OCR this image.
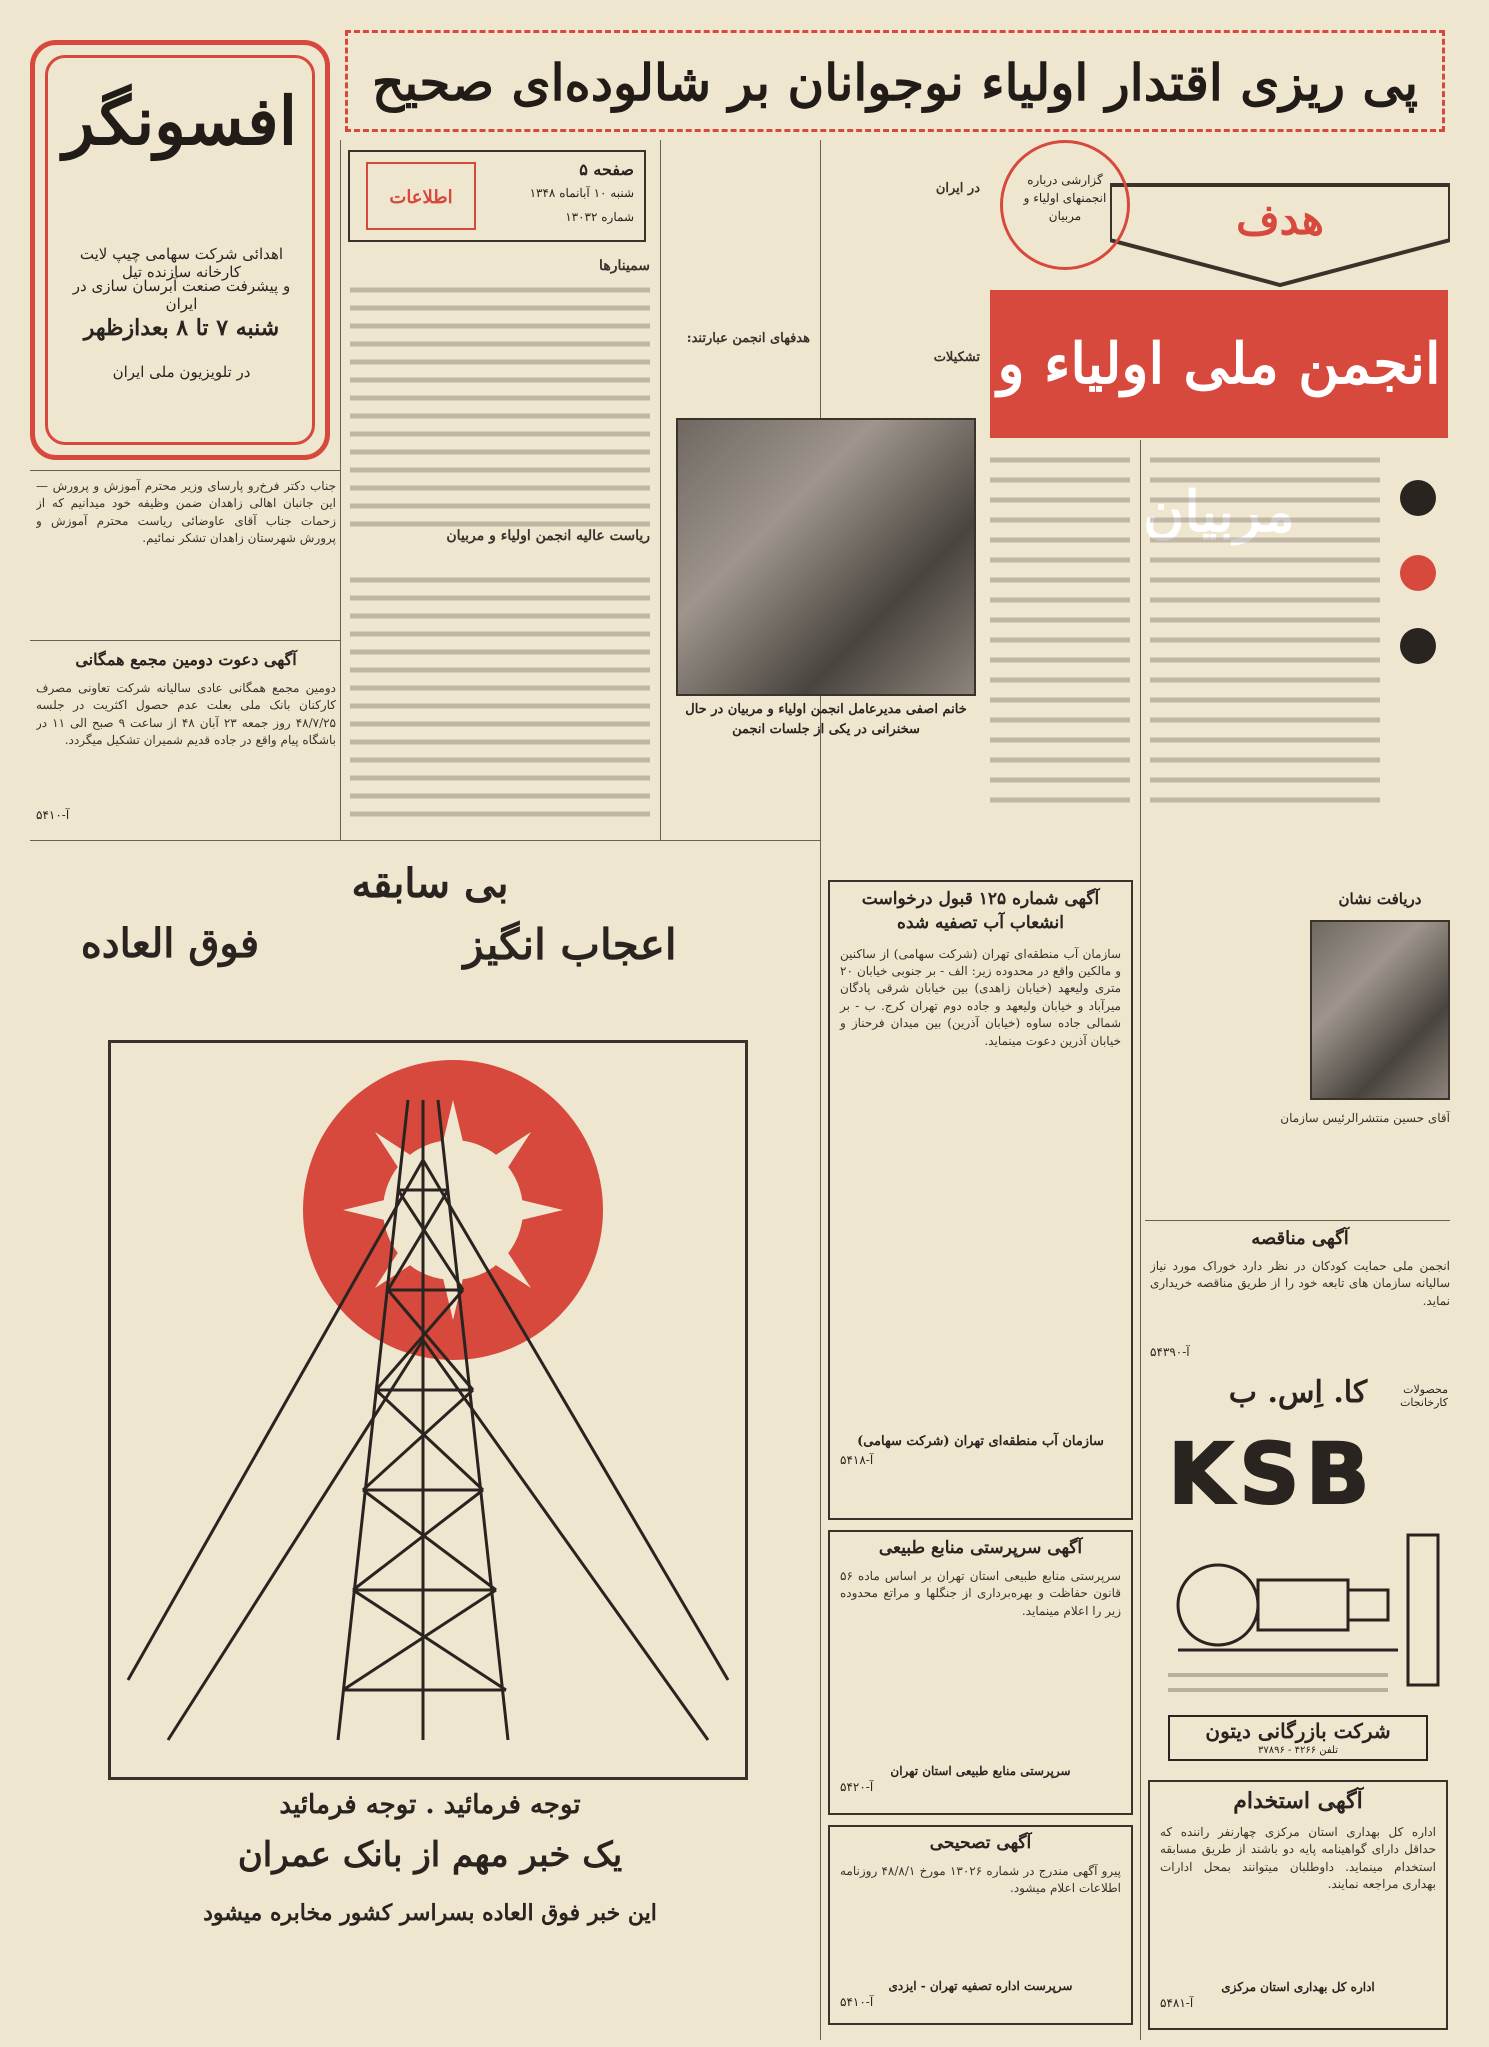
پی ریزی اقتدار اولیاء نوجوانان بر شالوده‌ای صحیح
هدف
گزارشی درباره انجمنهای اولیاء و مربیان
انجمن ملی اولیاء و مربیان
افسونگر
اهدائی شرکت سهامی چیپ لایت کارخانه سازنده تیل
و پیشرفت صنعت آبرسان سازی در ایران
شنبه ۷ تا ۸ بعدازظهر
در تلویزیون ملی ایران
صفحه ۵
شنبه ۱۰ آبانماه ۱۳۴۸
شماره ۱۳۰۳۲
اطلاعات
سمینارها
ریاست عالیه انجمن اولیاء و مربیان
هدفهای انجمن عبارتند:
در ایران
تشکیلات
خانم اصفی مدیرعامل انجمن اولیاء و مربیان در حال سخنرانی در یکی از جلسات انجمن
جناب دکتر فرخ‌رو پارسای وزیر محترم آموزش و پرورش — این جانبان اهالی زاهدان ضمن وظیفه خود میدانیم که از زحمات جناب آقای عاوضائی ریاست محترم آموزش و پرورش شهرستان زاهدان تشکر نمائیم.
آگهی دعوت دومین مجمع همگانی
دومین مجمع همگانی عادی سالیانه شرکت تعاونی مصرف کارکنان بانک ملی بعلت عدم حصول اکثریت در جلسه ۴۸/۷/۲۵ روز جمعه ۲۳ آبان ۴۸ از ساعت ۹ صبح الی ۱۱ در باشگاه پیام واقع در جاده قدیم شمیران تشکیل میگردد.
آ-۵۴۱۰
بی سابقه
فوق العاده	اعجاب انگیز
توجه فرمائید . توجه فرمائید
یک خبر مهم از بانک عمران
این خبر فوق العاده بسراسر کشور مخابره میشود
آگهی شماره ۱۲۵ قبول درخواست انشعاب آب تصفیه شده
سازمان آب منطقه‌ای تهران (شرکت سهامی) از ساکنین و مالکین واقع در محدوده زیر: الف - بر جنوبی خیابان ۲۰ متری ولیعهد (خیابان زاهدی) بین خیابان شرقی پادگان میرآباد و خیابان ولیعهد و جاده دوم تهران کرج. ب - بر شمالی جاده ساوه (خیابان آذرین) بین میدان فرحناز و خیابان آذرین دعوت مینماید.
سازمان آب منطقه‌ای تهران (شرکت سهامی)
آ-۵۴۱۸
آگهی سرپرستی منابع طبیعی
سرپرستی منابع طبیعی استان تهران بر اساس ماده ۵۶ قانون حفاظت و بهره‌برداری از جنگلها و مراتع محدوده زیر را اعلام مینماید.
سرپرستی منابع طبیعی استان تهران
آ-۵۴۲۰
آگهی تصحیحی
پیرو آگهی مندرج در شماره ۱۳۰۲۶ مورخ ۴۸/۸/۱ روزنامه اطلاعات اعلام میشود.
سرپرست اداره تصفیه تهران - ایزدی
آ-۵۴۱۰
دریافت نشان
آقای حسین منتشرالرئیس سازمان
آگهی مناقصه
انجمن ملی حمایت کودکان در نظر دارد خوراک مورد نیاز سالیانه سازمان های تابعه خود را از طریق مناقصه خریداری نماید.
آ-۵۴۳۹۰
کا. اِس. ب	محصولات کارخانجات
KSB
شرکت بازرگانی دیتون
تلفن ۴۲۶۶ - ۳۷۸۹۶
آگهی استخدام
اداره کل بهداری استان مرکزی چهارنفر راننده که حداقل دارای گواهینامه پایه دو باشند از طریق مسابقه استخدام مینماید. داوطلبان میتوانند بمحل ادارات بهداری مراجعه نمایند.
اداره کل بهداری استان مرکزی
آ-۵۴۸۱
